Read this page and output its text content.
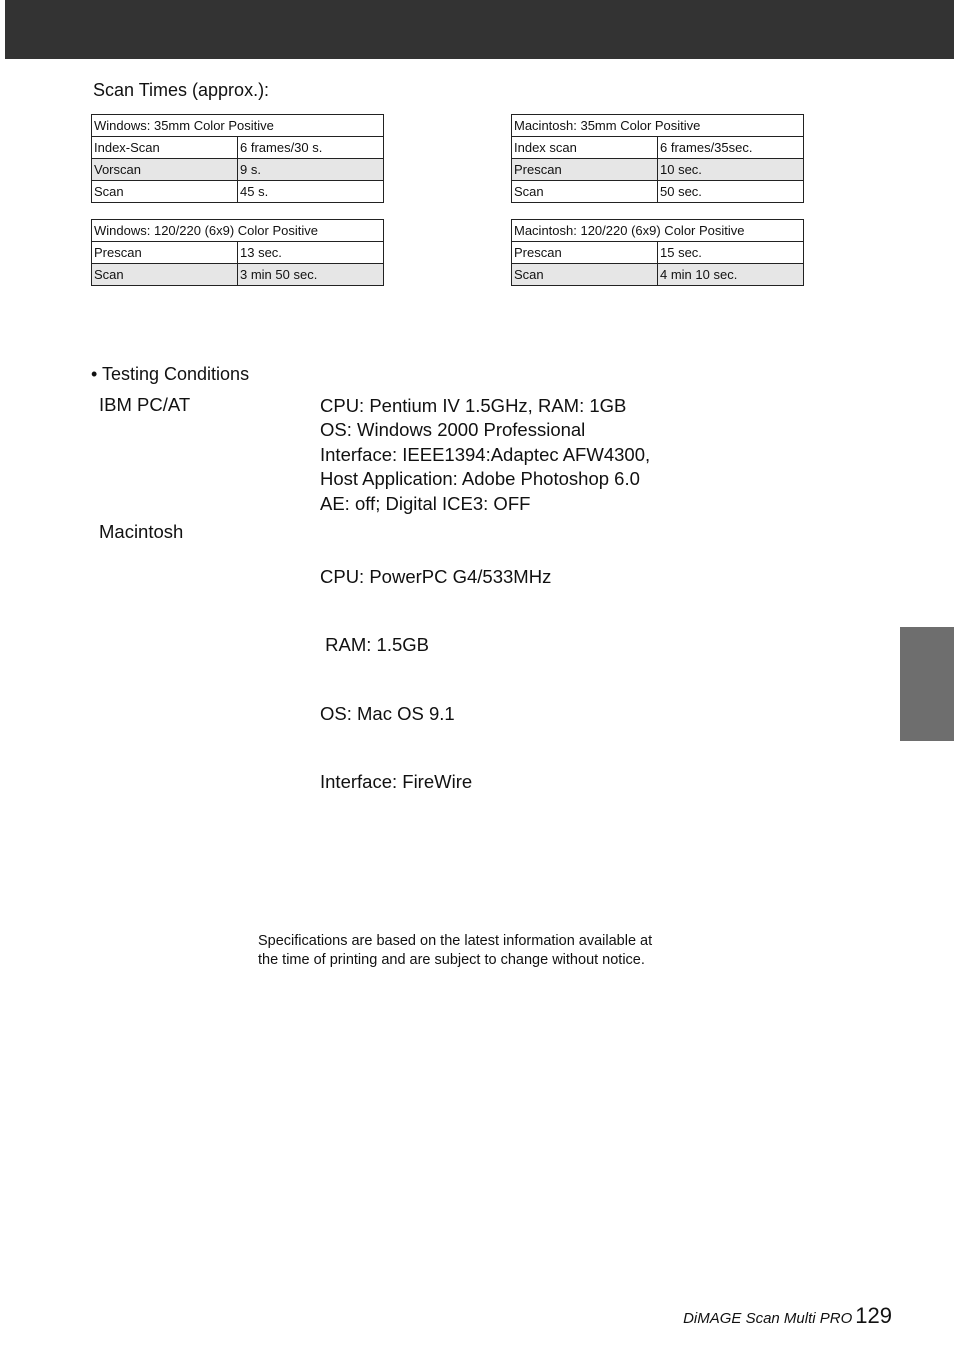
Scan Times (approx.):
Windows: 35mm Color Positive	
Index-Scan	6 frames/30 s.
Vorscan	9 s.
Scan	45 s.
Windows: 120/220 (6x9) Color Positive	
Prescan	13 sec.
Scan	3 min 50 sec.
Macintosh: 35mm Color Positive	
Index scan	6 frames/35sec.
Prescan	10 sec.
Scan	50 sec.
Macintosh: 120/220 (6x9) Color Positive	
Prescan	15 sec.
Scan	4 min 10 sec.
• Testing Conditions
IBM PC/AT	CPU: Pentium IV 1.5GHz, RAM: 1GB
OS: Windows 2000 Professional
Interface: IEEE1394:Adaptec AFW4300,
Host Application: Adobe Photoshop 6.0
AE: off; Digital ICE3: OFF
Macintosh

CPU: PowerPC G4/533MHz

RAM: 1.5GB

OS: Mac OS 9.1

Interface: FireWire

Specifications are based on the latest information available at
the time of printing and are subject to change without notice.
DiMAGE Scan Multi PRO 129
